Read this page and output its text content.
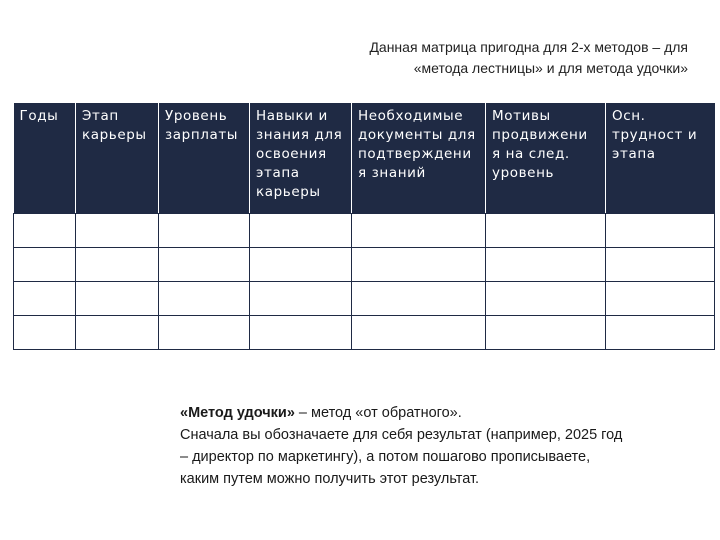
Данная матрица пригодна для 2-х методов – для
«метода лестницы» и для метода удочки»
Годы	Этап карьеры	Уровень зарплаты	Навыки и знания для освоения этапа карьеры	Необходимые документы для подтверждени я знаний	Мотивы продвижени я на след. уровень	Осн. трудност и этапа

«Метод удочки» – метод «от обратного».
Сначала вы обозначаете для себя результат (например, 2025 год
– директор по маркетингу), а потом пошагово прописываете,
каким путем можно получить этот результат.
